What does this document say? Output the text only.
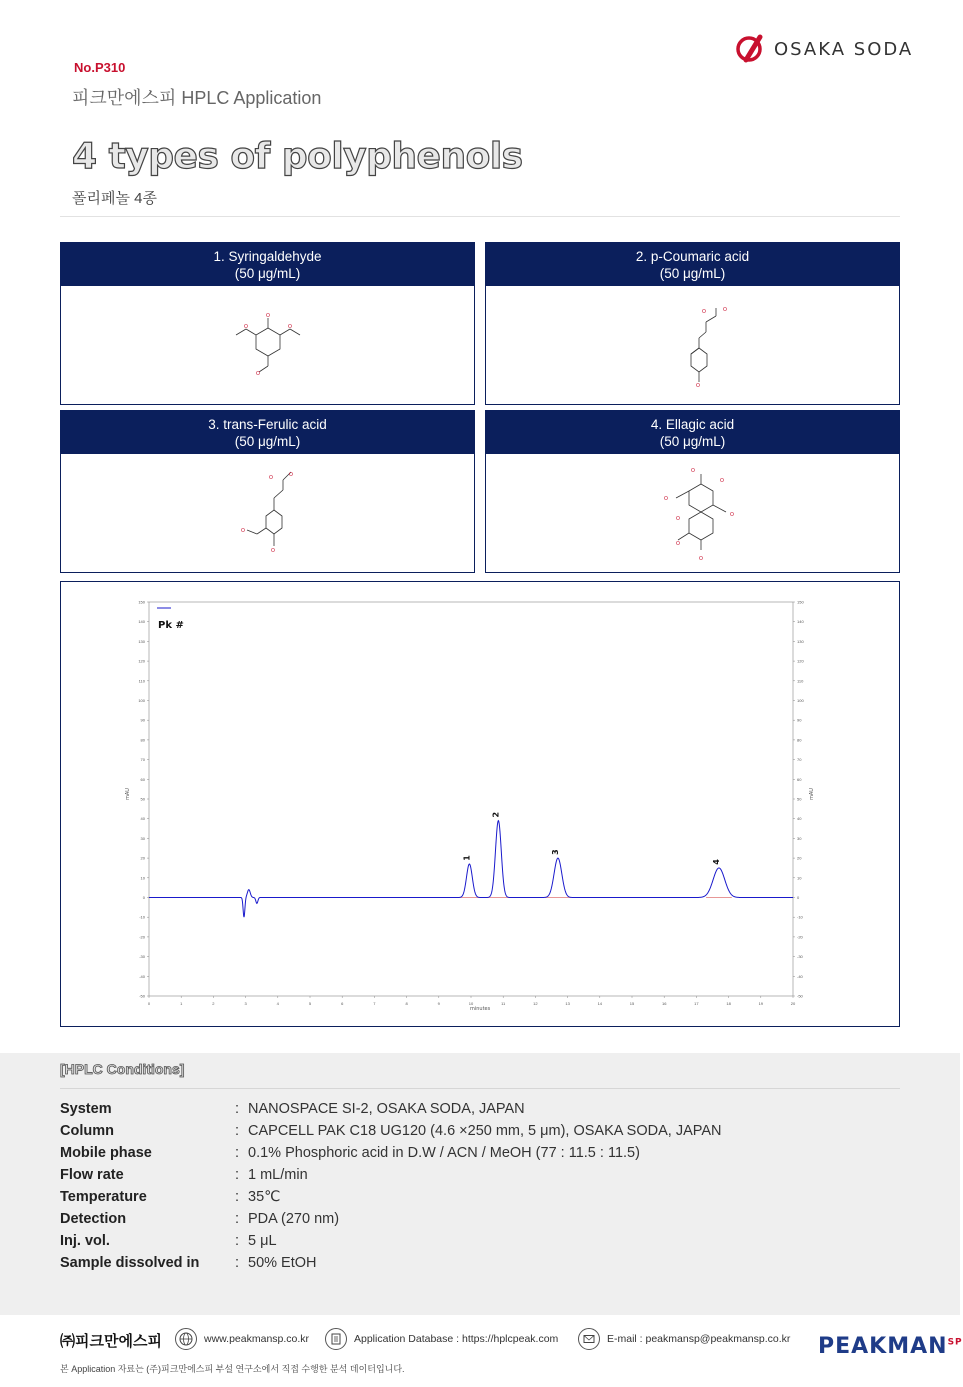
No.P310
피크만에스피 HPLC Application
OSAKA SODA
4 types of polyphenols
폴리페놀 4종
1. Syringaldehyde
(50 μg/mL)
O
O
O
O
2. p-Coumaric acid
(50 μg/mL)
O	O
O
3. trans-Ferulic acid
(50 μg/mL)
O	O
O
O
4. Ellagic acid
(50 μg/mL)
O
O
O
O
O
O
O
0	1	2	3	4	5	6	7	8	9	10	11	12	13	14	15	16	17	18	19	20
-50	-50
-40	-40
-30	-30
-20	-20
-10	-10
0	0
10	10
20	20
30	30
40	40
50	50
60	60
70	70
80	80
90	90
100	100
110	110
120	120
130	130
140	140
150	150
Pk #
minutes
mAU	mAU
1
2
3
4
[HPLC Conditions]
System	: NANOSPACE SI-2, OSAKA SODA, JAPAN
Column	: CAPCELL PAK C18 UG120 (4.6 ×250 mm, 5 μm), OSAKA SODA, JAPAN
Mobile phase	: 0.1% Phosphoric acid in D.W / ACN / MeOH (77 : 11.5 : 11.5)
Flow rate	: 1 mL/min
Temperature	: 35℃
Detection	: PDA (270 nm)
Inj. vol.	: 5 μL
Sample dissolved in : 50% EtOH
㈜피크만에스피	www.peakmansp.co.kr	Application Database : https://hplcpeak.com	E-mail : peakmansp@peakmansp.co.kr $PEAKMAN^{SP}$
본 Application 자료는 (주)피크만에스피 부설 연구소에서 직접 수행한 분석 데이터입니다.
